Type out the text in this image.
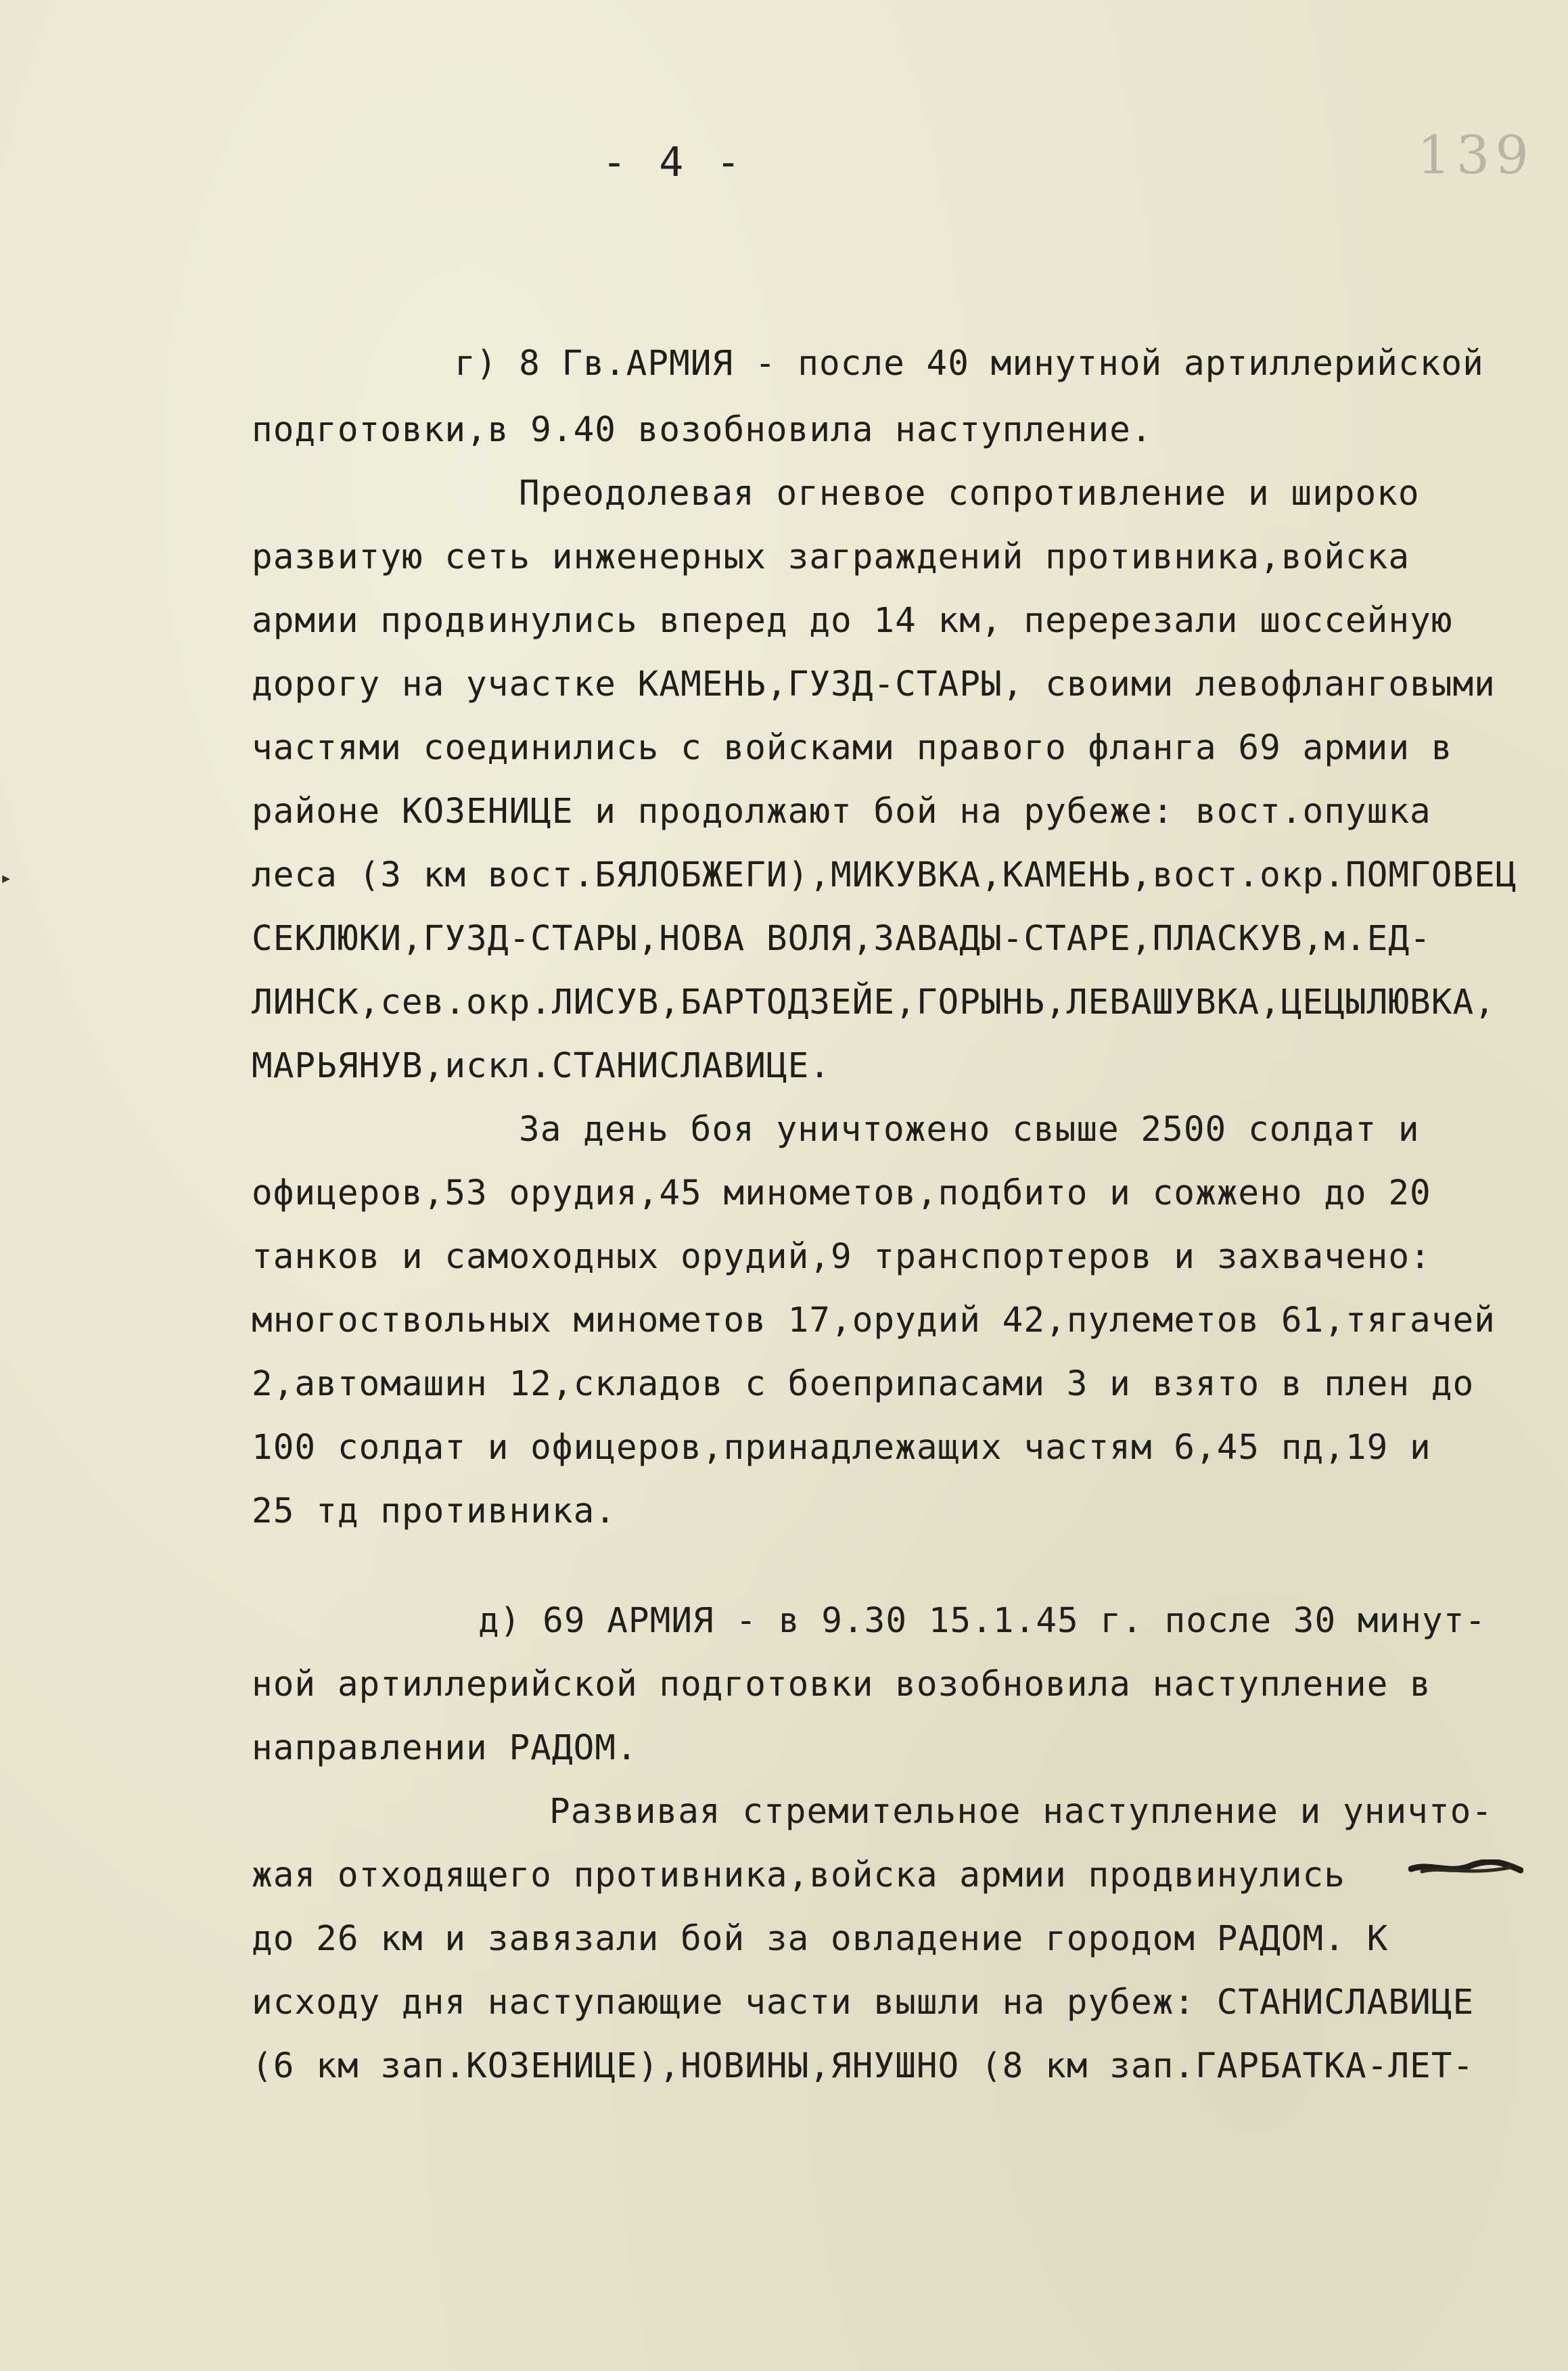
- 4 -	139
▸
г) 8 Гв.АРМИЯ - после 40 минутной артиллерийской
подготовки,в 9.40 возобновила наступление.
Преодолевая огневое сопротивление и широко
развитую сеть инженерных заграждений противника,войска
армии продвинулись вперед до 14 км, перерезали шоссейную
дорогу на участке КАМЕНЬ,ГУЗД-СТАРЫ, своими левофланговыми
частями соединились с войсками правого фланга 69 армии в
районе КОЗЕНИЦЕ и продолжают бой на рубеже: вост.опушка
леса (3 км вост.БЯЛОБЖЕГИ),МИКУВКА,КАМЕНЬ,вост.окр.ПОМГОВЕЦ
СЕКЛЮКИ,ГУЗД-СТАРЫ,НОВА ВОЛЯ,ЗАВАДЫ-СТАРЕ,ПЛАСКУВ,м.ЕД-
ЛИНСК,сев.окр.ЛИСУВ,БАРТОДЗЕЙЕ,ГОРЫНЬ,ЛЕВАШУВКА,ЦЕЦЫЛЮВКА,
МАРЬЯНУВ,искл.СТАНИСЛАВИЦЕ.
За день боя уничтожено свыше 2500 солдат и
офицеров,53 орудия,45 минометов,подбито и сожжено до 20
танков и самоходных орудий,9 транспортеров и захвачено:
многоствольных минометов 17,орудий 42,пулеметов 61,тягачей
2,автомашин 12,складов с боеприпасами 3 и взято в плен до
100 солдат и офицеров,принадлежащих частям 6,45 пд,19 и
25 тд противника.
д) 69 АРМИЯ - в 9.30 15.1.45 г. после 30 минут-
ной артиллерийской подготовки возобновила наступление в
направлении РАДОМ.
Развивая стремительное наступление и уничто-
жая отходящего противника,войска армии продвинулись
до 26 км и завязали бой за овладение городом РАДОМ. К
исходу дня наступающие части вышли на рубеж: СТАНИСЛАВИЦЕ
(6 км зап.КОЗЕНИЦЕ),НОВИНЫ,ЯНУШНО (8 км зап.ГАРБАТКА-ЛЕТ-
